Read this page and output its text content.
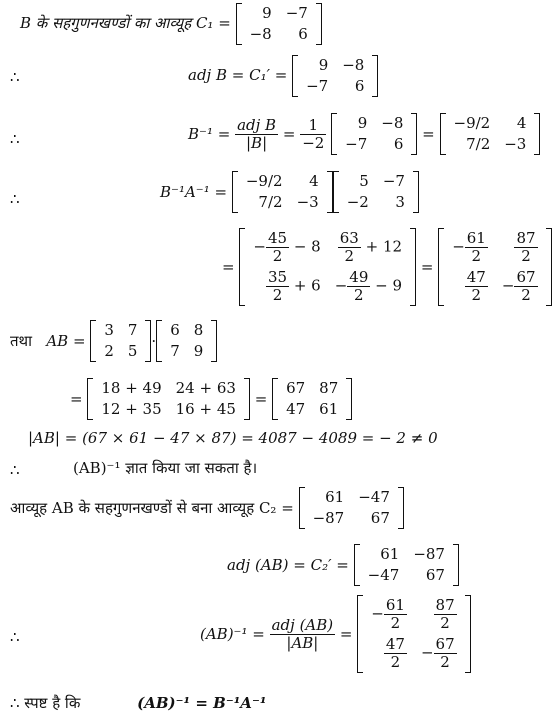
B के सहगुणनखण्डों का आव्यूह C₁ =
9	−7
−8	6
∴	adj B = C₁′ =
9	−8
−7	6
∴	$B^{-1} = \frac{\text{adj B}}{|B|} = \frac{1}{-2}$
9	−8
−7	6
=
−9/2	4
7/2	−3
∴	B⁻¹A⁻¹ =
−9/2	4
7/2	−3
5	−7
−2	3
=
− $\frac{45}{2} - 8$	$\frac{63}{2} + 12$

$\frac{35}{2} + 6$	− $\frac{49}{2} - 9$
=
− $\frac{61}{2}$	$\frac{87}{2}$

$\frac{47}{2}$	− $\frac{67}{2}$
तथा AB =
3	7
2	5
·
6	8
7	9
=
18 + 49	24 + 63
12 + 35	16 + 45
=
67	87
47	61
|AB| = (67 × 61 − 47 × 87) = 4087 − 4089 = − 2 ≠ 0
∴	(AB)⁻¹ ज्ञात किया जा सकता है।
आव्यूह AB के सहगुणनखण्डों से बना आव्यूह C₂ =
61	−47
−87	67
adj (AB) = C₂′ =
61	−87
−47	67
∴	$(AB)^{-1} = \frac{\text{adj (AB)}}{|AB|}$ =
− $\frac{61}{2}$	$\frac{87}{2}$

$\frac{47}{2}$	− $\frac{67}{2}$
∴ स्पष्ट है कि	(AB)⁻¹ = B⁻¹A⁻¹
